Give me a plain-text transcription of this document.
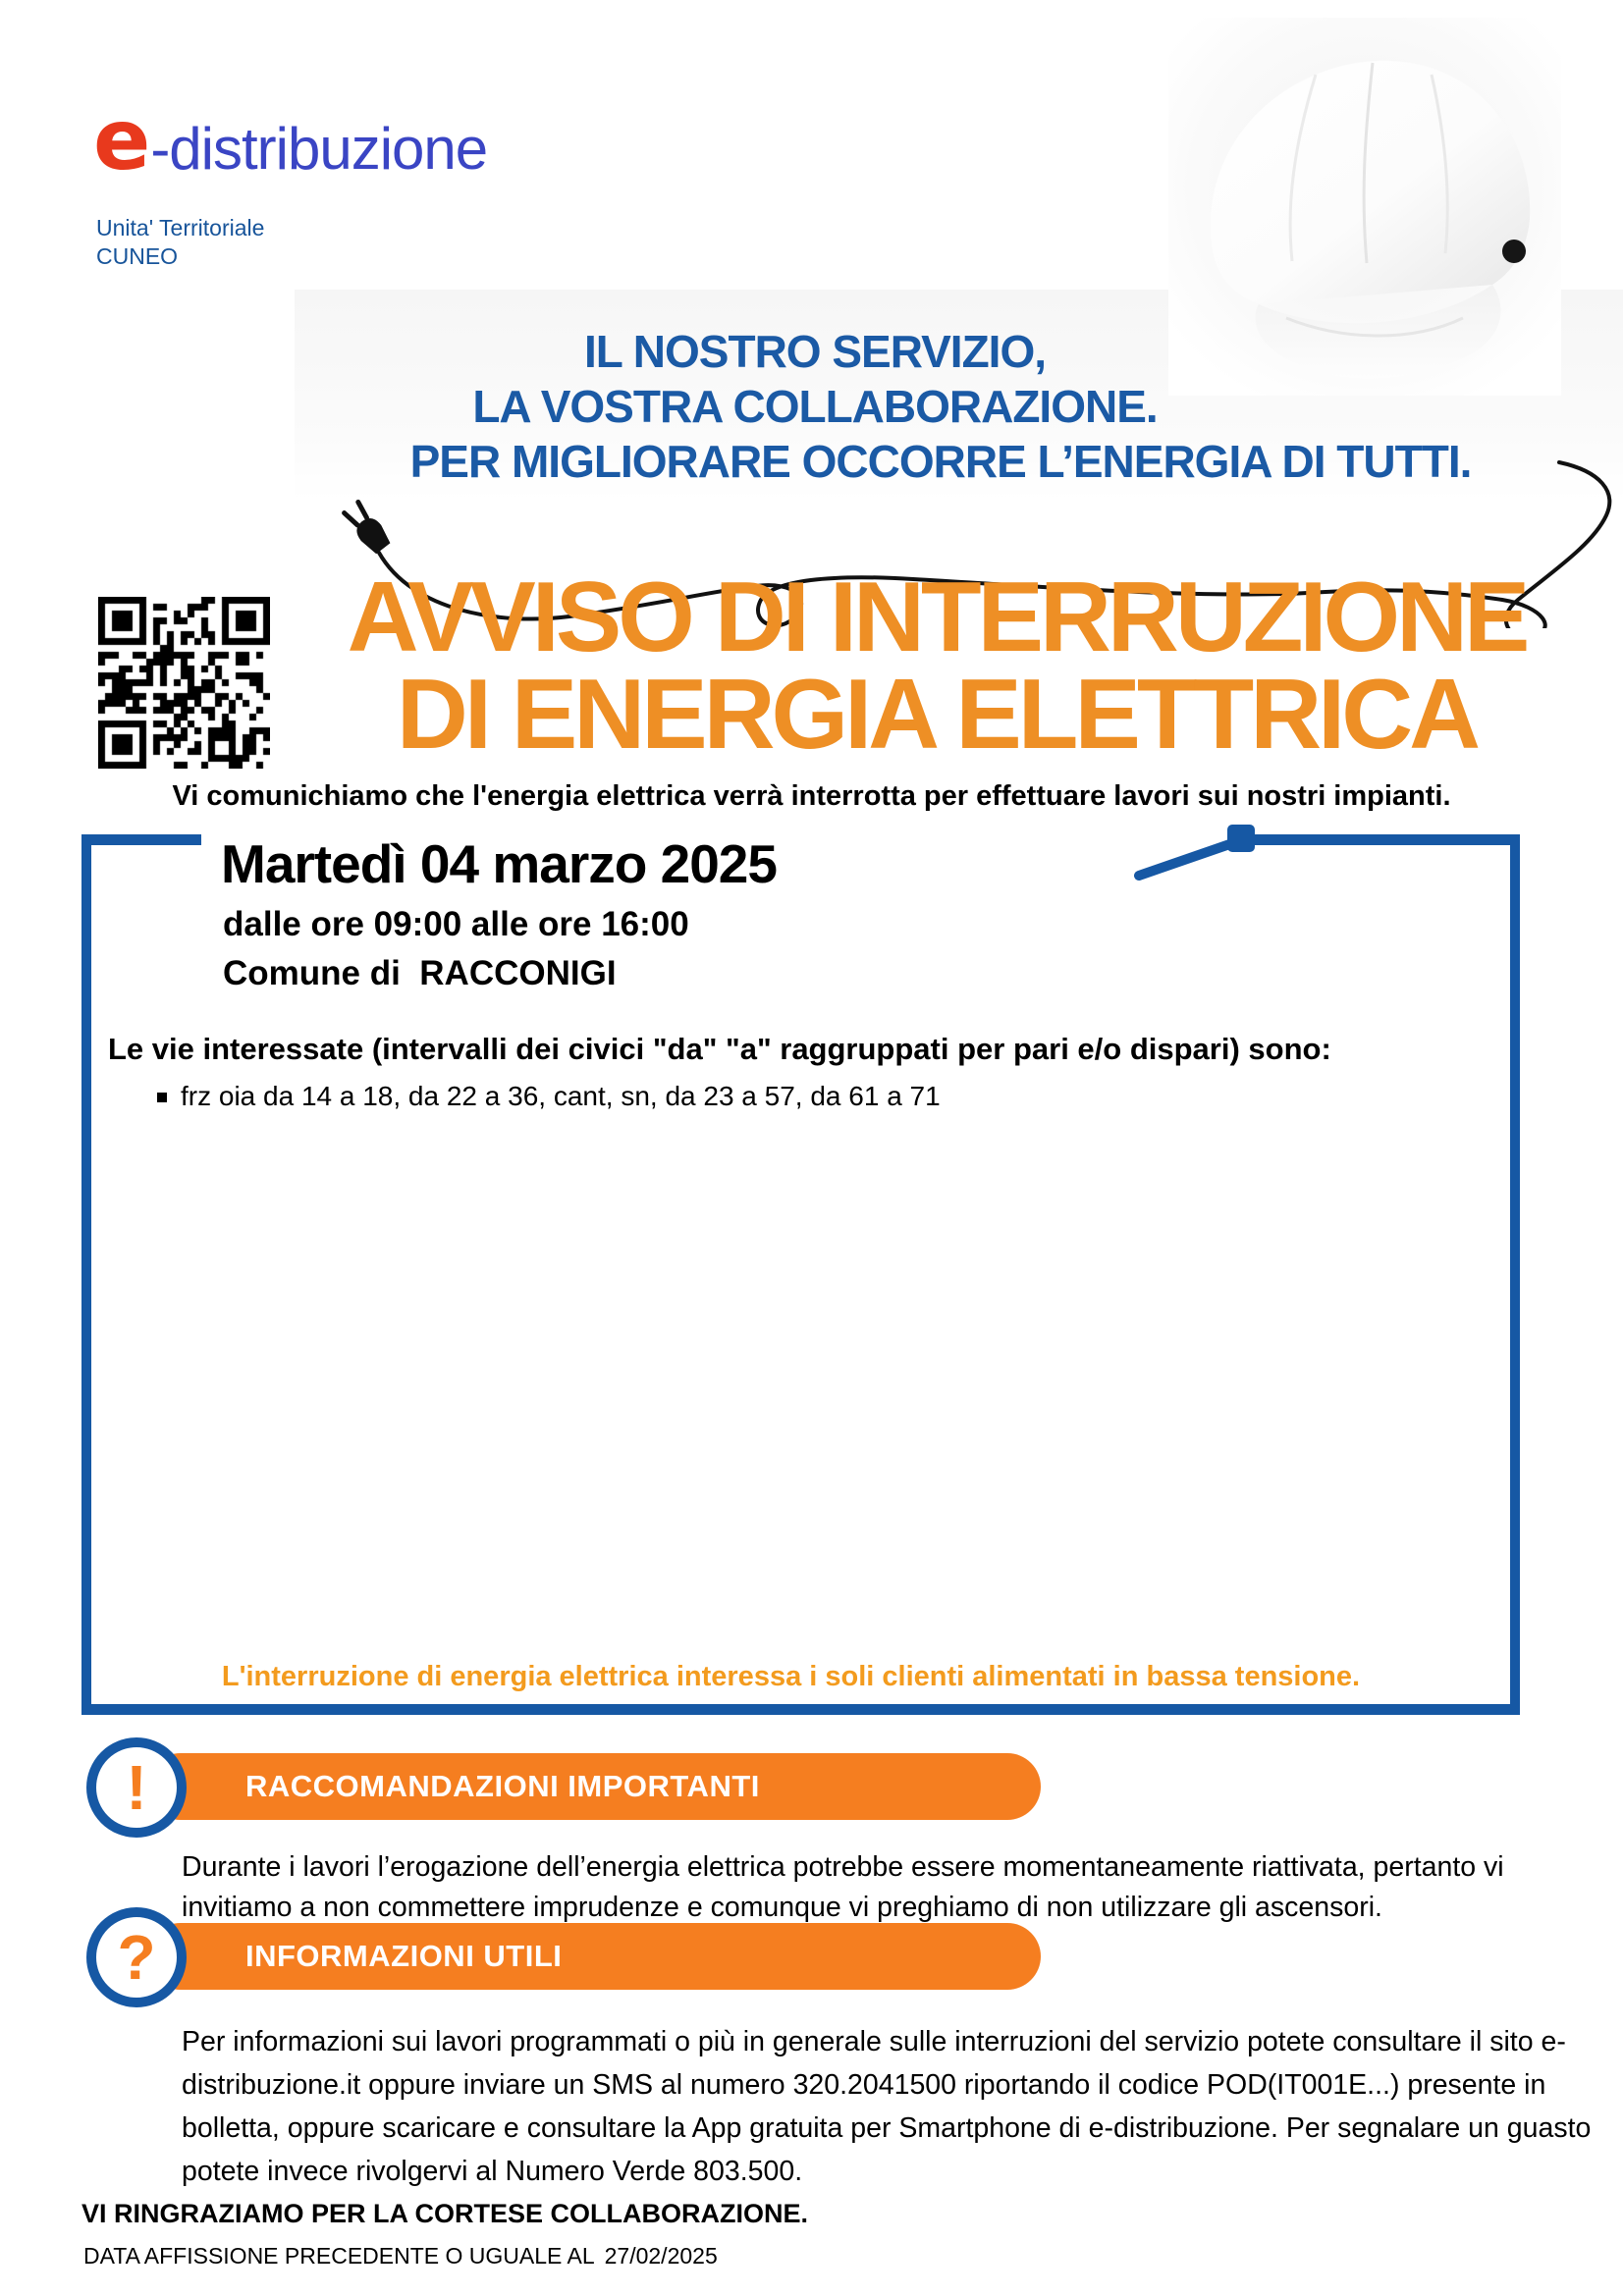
e-distribuzione
Unita' Territoriale
CUNEO
IL NOSTRO SERVIZIO,
LA VOSTRA COLLABORAZIONE.
PER MIGLIORARE OCCORRE L’ENERGIA DI TUTTI.
AVVISO DI INTERRUZIONE
DI ENERGIA ELETTRICA
Vi comunichiamo che l'energia elettrica verrà interrotta per effettuare lavori sui nostri impianti.
Martedì 04 marzo 2025
dalle ore 09:00 alle ore 16:00
Comune di  RACCONIGI
Le vie interessate (intervalli dei civici "da" "a" raggruppati per pari e/o dispari) sono:
frz oia da 14 a 18, da 22 a 36, cant, sn, da 23 a 57, da 61 a 71
L'interruzione di energia elettrica interessa i soli clienti alimentati in bassa tensione.
!	RACCOMANDAZIONI IMPORTANTI
Durante i lavori l’erogazione dell’energia elettrica potrebbe essere momentaneamente riattivata, pertanto vi invitiamo a non commettere imprudenze e comunque vi preghiamo di non utilizzare gli ascensori.
?	INFORMAZIONI UTILI
Per informazioni sui lavori programmati o più in generale sulle interruzioni del servizio potete consultare il sito e-distribuzione.it oppure inviare un SMS al numero 320.2041500 riportando il codice POD(IT001E...) presente in bolletta, oppure scaricare e consultare la App gratuita per Smartphone di e-distribuzione. Per segnalare un guasto potete invece rivolgervi al Numero Verde 803.500.
VI RINGRAZIAMO PER LA CORTESE COLLABORAZIONE.
DATA AFFISSIONE PRECEDENTE O UGUALE AL 27/02/2025
